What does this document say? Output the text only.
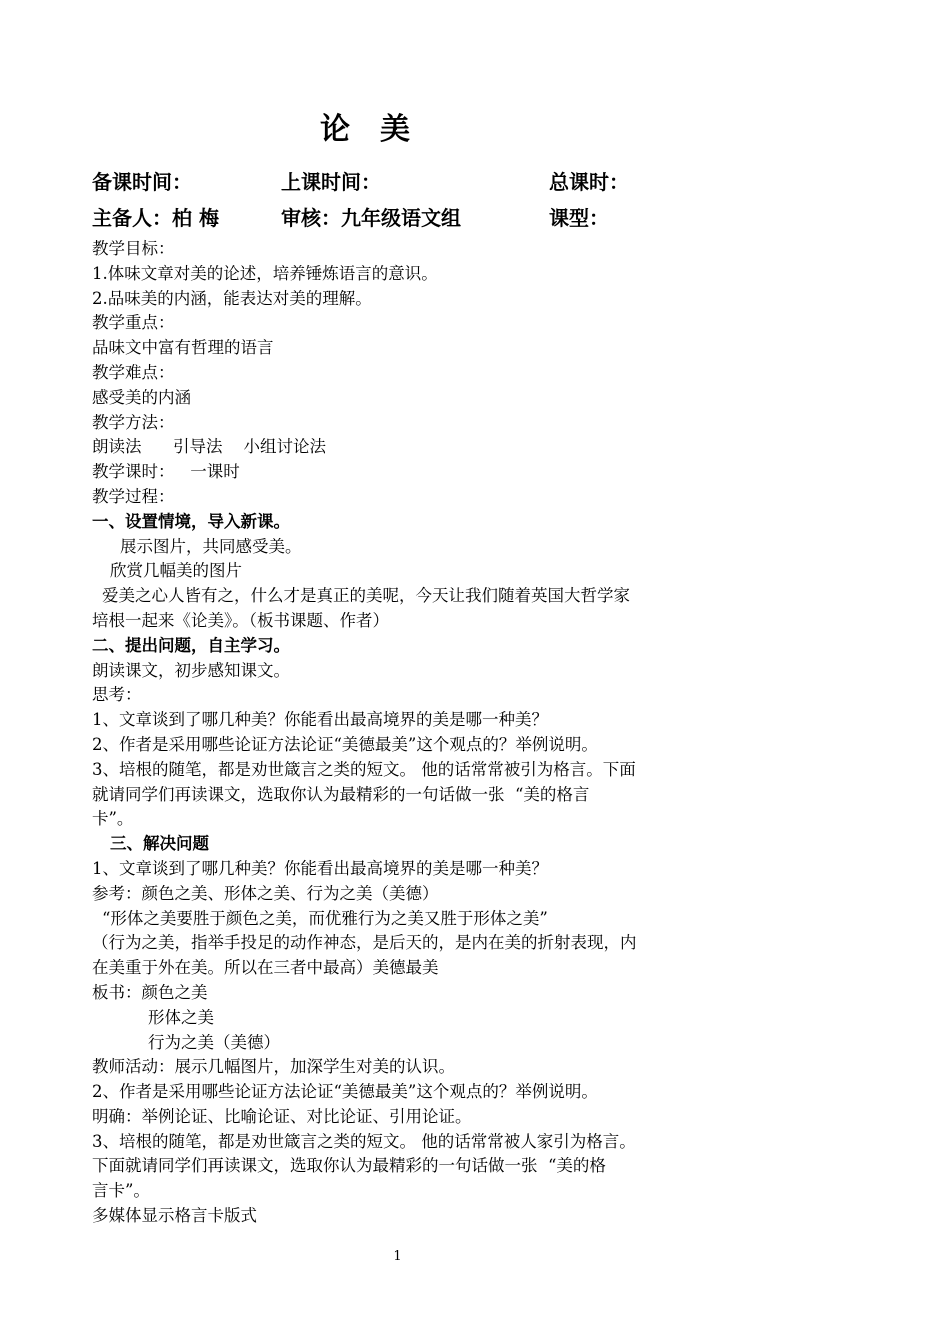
论美
备课时间：	上课时间：	总课时：
主备人：柏 梅	审核：九年级语文组	课型：
教学目标：
1.体味文章对美的论述，培养锤炼语言的意识。
2.品味美的内涵，能表达对美的理解。
教学重点：
品味文中富有哲理的语言
教学难点：
感受美的内涵
教学方法：
朗读法      引导法    小组讨论法
教学课时：   一课时
教学过程：
一、设置情境，导入新课。
展示图片，共同感受美。
欣赏几幅美的图片
爱美之心人皆有之，什么才是真正的美呢，今天让我们随着英国大哲学家
培根一起来《论美》。（板书课题、作者）
二、提出问题，自主学习。
朗读课文，初步感知课文。
思考：
1、文章谈到了哪几种美？你能看出最高境界的美是哪一种美？
2、作者是采用哪些论证方法论证“美德最美”这个观点的？举例说明。
3、培根的随笔，都是劝世箴言之类的短文。 他的话常常被引为格言。下面
就请同学们再读课文，选取你认为最精彩的一句话做一张  “美的格言
卡”。
三、解决问题
1、文章谈到了哪几种美？你能看出最高境界的美是哪一种美？
参考：颜色之美、形体之美、行为之美（美德）
“形体之美要胜于颜色之美，而优雅行为之美又胜于形体之美”
（行为之美，指举手投足的动作神态，是后天的，是内在美的折射表现，内
在美重于外在美。所以在三者中最高）美德最美
板书：颜色之美
形体之美
行为之美（美德）
教师活动：展示几幅图片，加深学生对美的认识。
2、作者是采用哪些论证方法论证“美德最美”这个观点的？举例说明。
明确：举例论证、比喻论证、对比论证、引用论证。
3、培根的随笔，都是劝世箴言之类的短文。 他的话常常被人家引为格言。
下面就请同学们再读课文，选取你认为最精彩的一句话做一张  “美的格
言卡”。
多媒体显示格言卡版式
1
